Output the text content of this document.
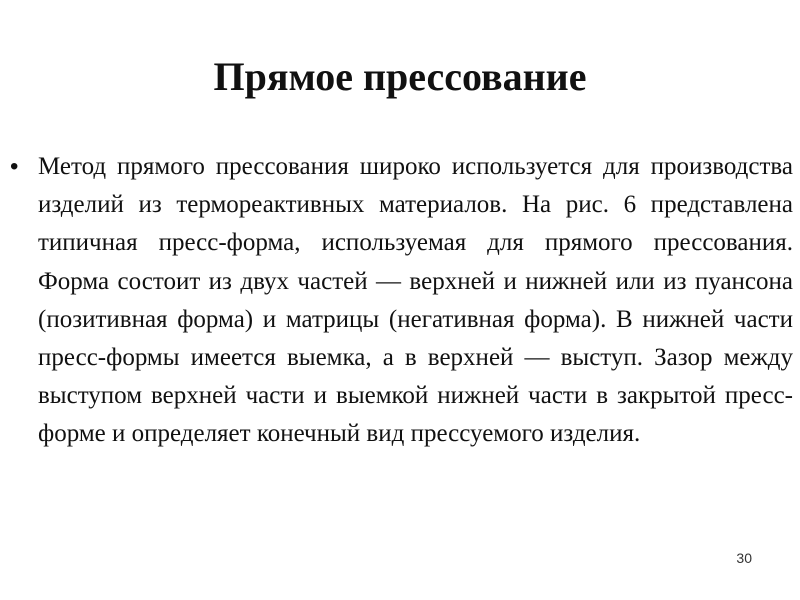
Прямое прессование
• Метод прямого прессования широко используется для производства изделий из термореактивных материалов. На рис. 6 представлена типичная пресс-форма, используемая для прямого прессования. Форма состоит из двух частей — верхней и нижней или из пуансона (позитивная форма) и матрицы (негативная форма). В нижней части пресс-формы имеется выемка, а в верхней — выступ. Зазор между выступом верхней части и выемкой нижней части в закрытой пресс-форме и определяет конечный вид прессуемого изделия.
30
